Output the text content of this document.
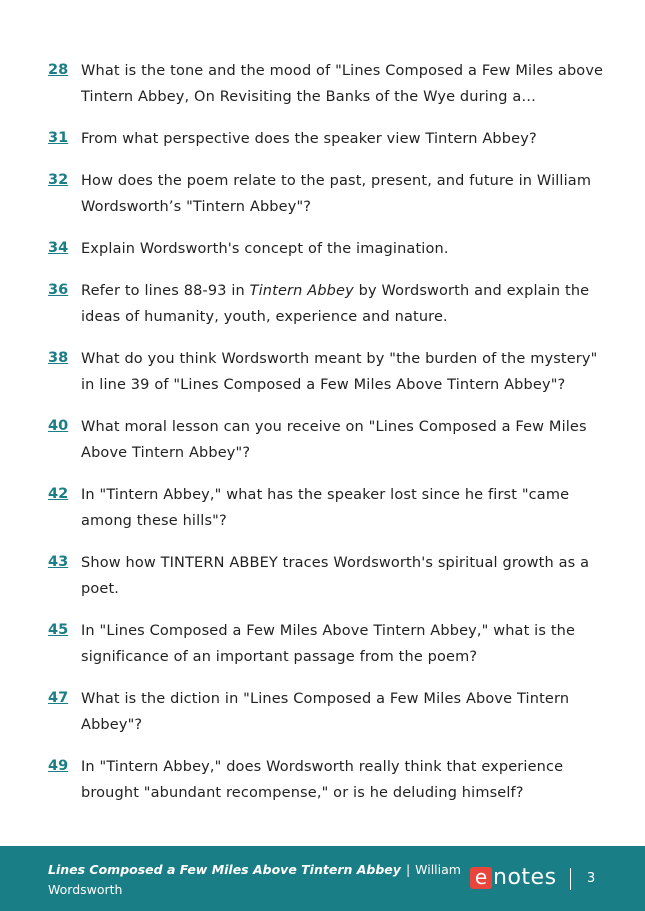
28 What is the tone and the mood of "Lines Composed a Few Miles above Tintern Abbey, On Revisiting the Banks of the Wye during a…
31 From what perspective does the speaker view Tintern Abbey?
32 How does the poem relate to the past, present, and future in William Wordsworth’s "Tintern Abbey"?
34 Explain Wordsworth's concept of the imagination.
36 Refer to lines 88-93 in Tintern Abbey by Wordsworth and explain the ideas of humanity, youth, experience and nature.
38 What do you think Wordsworth meant by "the burden of the mystery" in line 39 of "Lines Composed a Few Miles Above Tintern Abbey"?
40 What moral lesson can you receive on "Lines Composed a Few Miles Above Tintern Abbey"?
42 In "Tintern Abbey," what has the speaker lost since he first "came among these hills"?
43 Show how TINTERN ABBEY traces Wordsworth's spiritual growth as a poet.
45 In "Lines Composed a Few Miles Above Tintern Abbey," what is the significance of an important passage from the poem?
47 What is the diction in "Lines Composed a Few Miles Above Tintern Abbey"?
49 In "Tintern Abbey," does Wordsworth really think that experience brought "abundant recompense," or is he deluding himself?
Lines Composed a Few Miles Above Tintern Abbey | William Wordsworth
e notes 3
